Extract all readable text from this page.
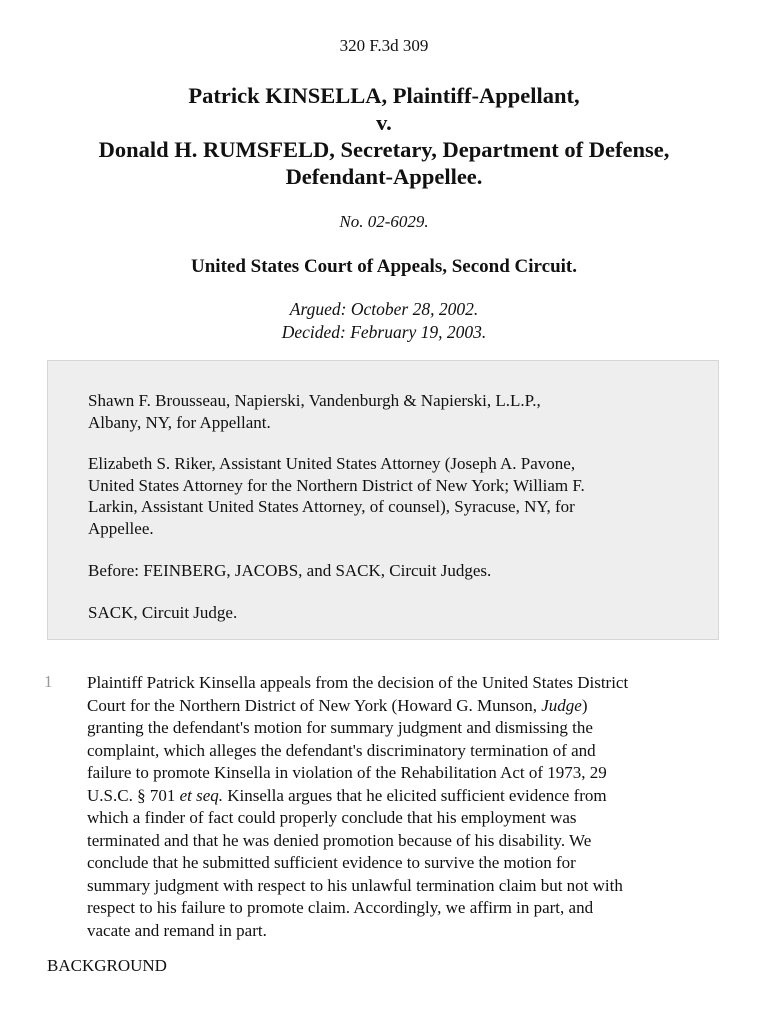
320 F.3d 309
Patrick KINSELLA, Plaintiff-Appellant,
v.
Donald H. RUMSFELD, Secretary, Department of Defense,
Defendant-Appellee.
No. 02-6029.
United States Court of Appeals, Second Circuit.
Argued: October 28, 2002.
Decided: February 19, 2003.
Shawn F. Brousseau, Napierski, Vandenburgh & Napierski, L.L.P.,
Albany, NY, for Appellant.
Elizabeth S. Riker, Assistant United States Attorney (Joseph A. Pavone,
United States Attorney for the Northern District of New York; William F.
Larkin, Assistant United States Attorney, of counsel), Syracuse, NY, for
Appellee.
Before: FEINBERG, JACOBS, and SACK, Circuit Judges.
SACK, Circuit Judge.
1 Plaintiff Patrick Kinsella appeals from the decision of the United States District
Court for the Northern District of New York (Howard G. Munson, Judge)
granting the defendant's motion for summary judgment and dismissing the
complaint, which alleges the defendant's discriminatory termination of and
failure to promote Kinsella in violation of the Rehabilitation Act of 1973, 29
U.S.C. § 701 et seq. Kinsella argues that he elicited sufficient evidence from
which a finder of fact could properly conclude that his employment was
terminated and that he was denied promotion because of his disability. We
conclude that he submitted sufficient evidence to survive the motion for
summary judgment with respect to his unlawful termination claim but not with
respect to his failure to promote claim. Accordingly, we affirm in part, and
vacate and remand in part.
BACKGROUND
